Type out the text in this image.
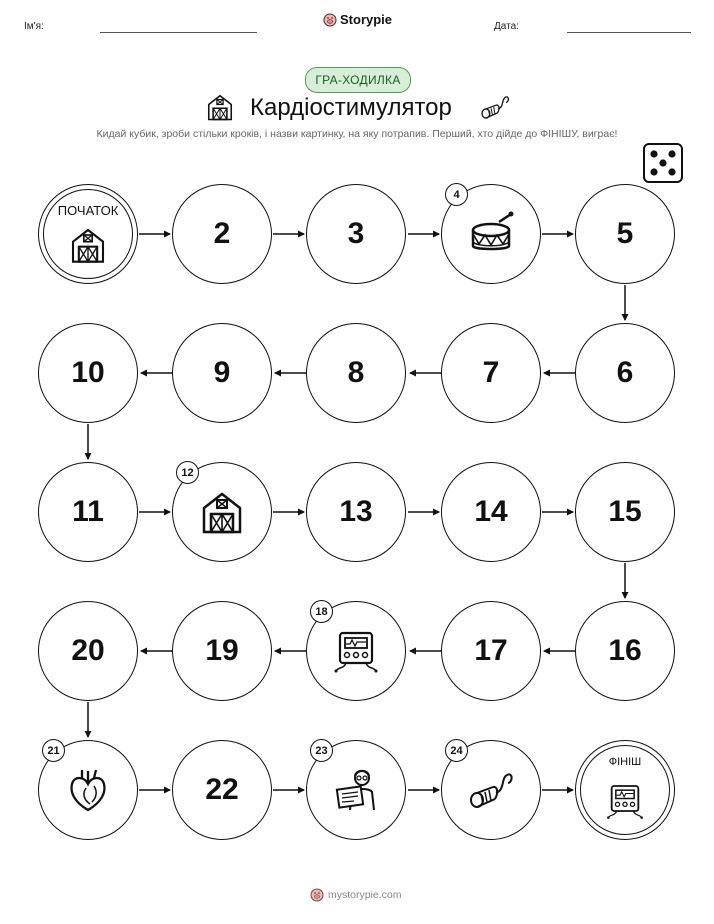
Ім'я:	Storypie	Дата:
ГРА-ХОДИЛКА
Кардіостимулятор
Кидай кубик, зроби стільки кроків, і назви картинку, на яку потрапив. Перший, хто дійде до ФІНІШУ, виграє!
ПОЧАТОК
2	3
4
5
10	9	8	7	6
11
12
13	14	15
20	19
18
17	16
21
22
23	24
ФІНІШ
mystorypie.com
